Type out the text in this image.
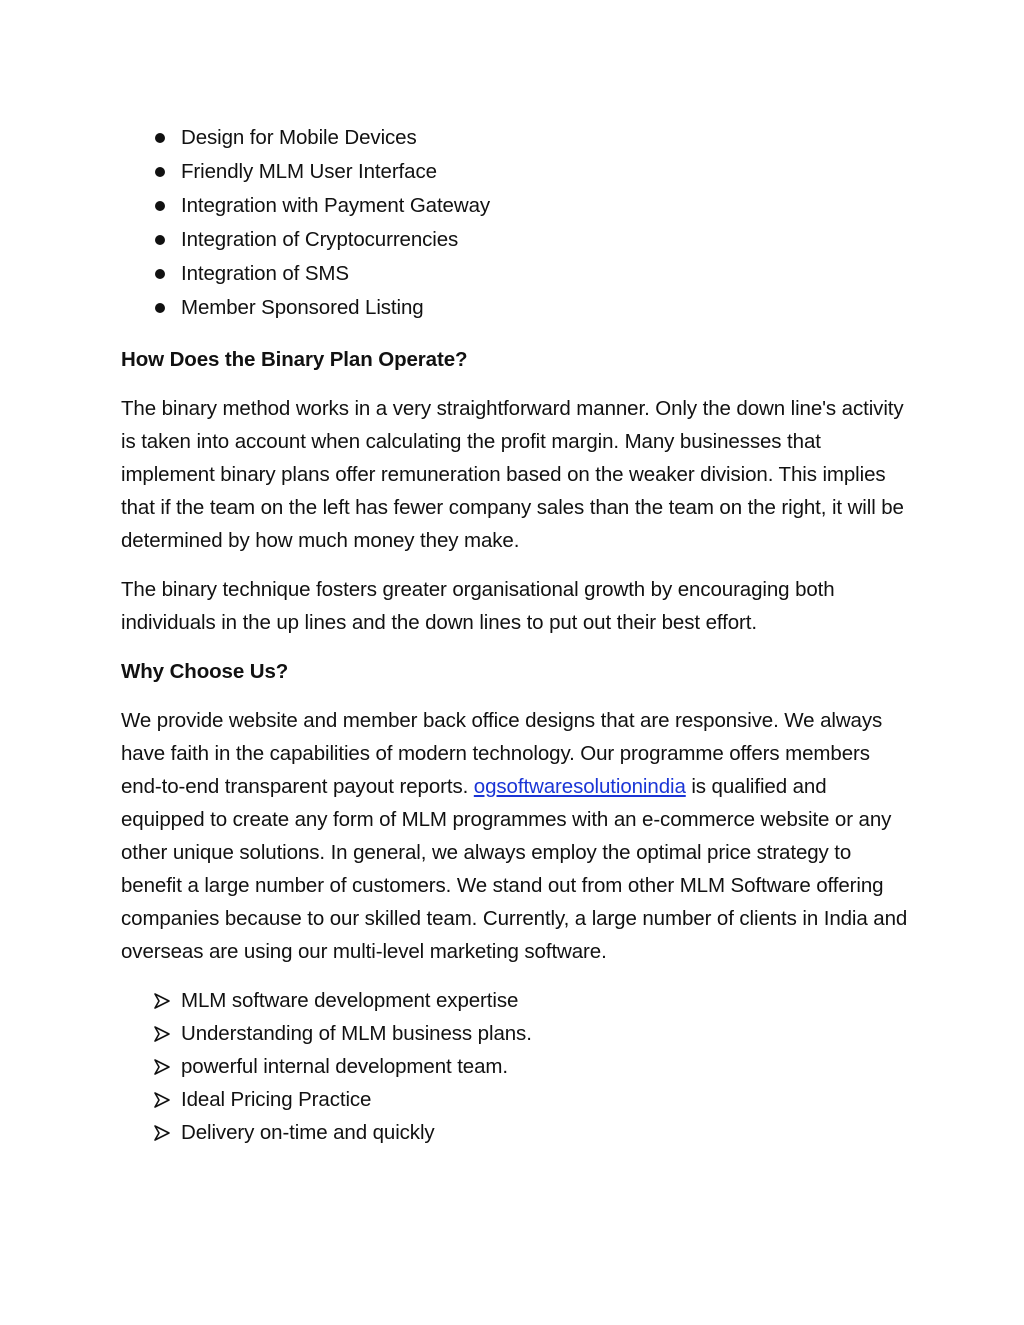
Design for Mobile Devices
Friendly MLM User Interface
Integration with Payment Gateway
Integration of Cryptocurrencies
Integration of SMS
Member Sponsored Listing
How Does the Binary Plan Operate?

The binary method works in a very straightforward manner. Only the down line's activity is taken into account when calculating the profit margin. Many businesses that implement binary plans offer remuneration based on the weaker division. This implies that if the team on the left has fewer company sales than the team on the right, it will be determined by how much money they make.

The binary technique fosters greater organisational growth by encouraging both individuals in the up lines and the down lines to put out their best effort.

Why Choose Us?

We provide website and member back office designs that are responsive. We always have faith in the capabilities of modern technology. Our programme offers members end-to-end transparent payout reports. ogsoftwaresolutionindia is qualified and equipped to create any form of MLM programmes with an e-commerce website or any other unique solutions. In general, we always employ the optimal price strategy to benefit a large number of customers. We stand out from other MLM Software offering companies because to our skilled team. Currently, a large number of clients in India and overseas are using our multi-level marketing software.

MLM software development expertise
Understanding of MLM business plans.
powerful internal development team.
Ideal Pricing Practice
Delivery on-time and quickly
